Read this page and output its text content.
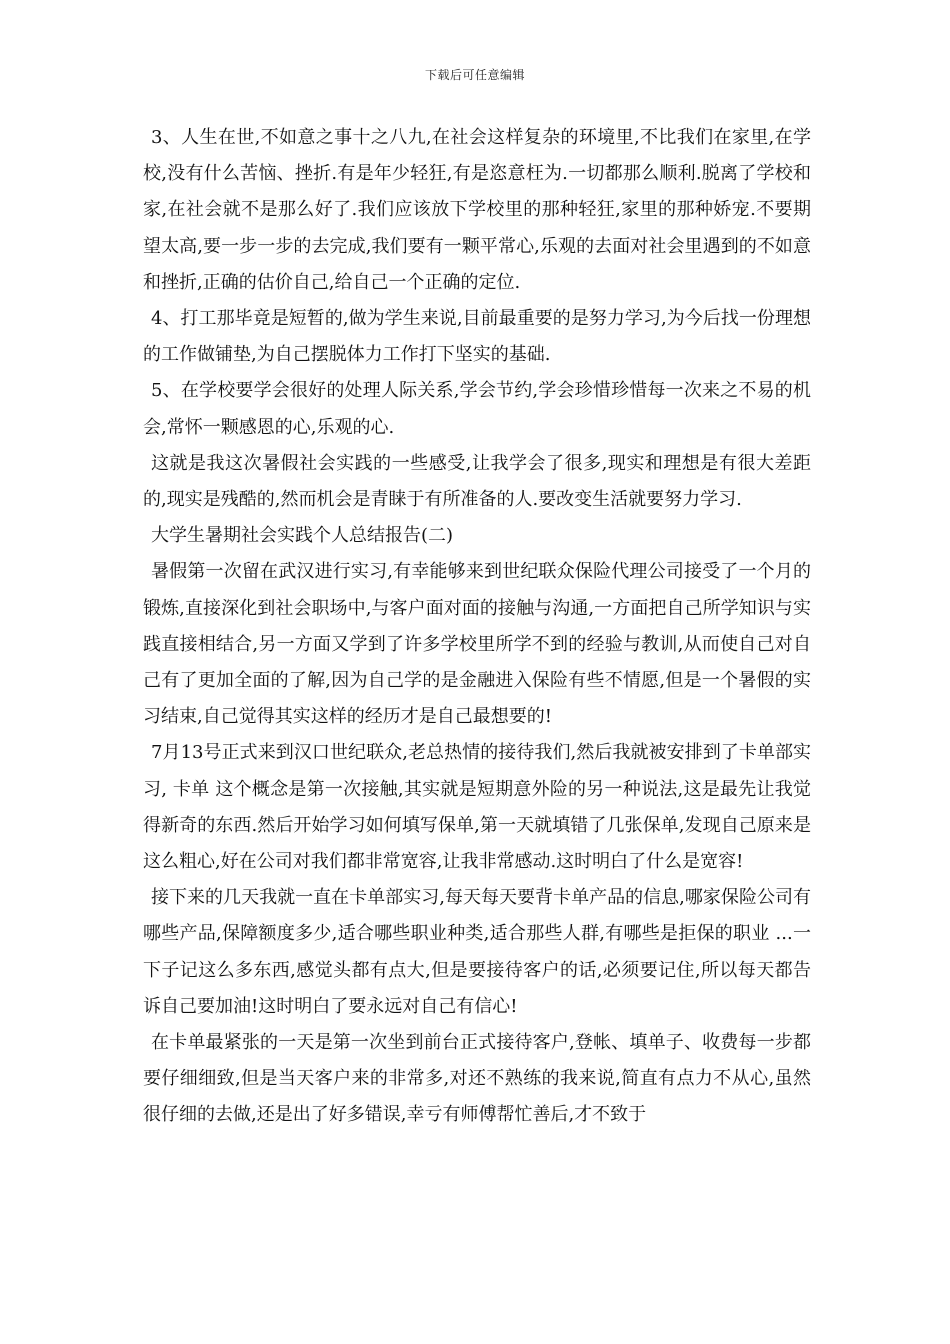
下载后可任意编辑

3、人生在世,不如意之事十之八九,在社会这样复杂的环境里,不比我们在家里,在学校,没有什么苦恼、挫折.有是年少轻狂,有是恣意枉为.一切都那么顺利.脱离了学校和家,在社会就不是那么好了.我们应该放下学校里的那种轻狂,家里的那种娇宠.不要期望太高,要一步一步的去完成,我们要有一颗平常心,乐观的去面对社会里遇到的不如意和挫折,正确的估价自己,给自己一个正确的定位.

4、打工那毕竟是短暂的,做为学生来说,目前最重要的是努力学习,为今后找一份理想的工作做铺垫,为自己摆脱体力工作打下坚实的基础.

5、在学校要学会很好的处理人际关系,学会节约,学会珍惜珍惜每一次来之不易的机会,常怀一颗感恩的心,乐观的心.

这就是我这次暑假社会实践的一些感受,让我学会了很多,现实和理想是有很大差距的,现实是残酷的,然而机会是青睐于有所准备的人.要改变生活就要努力学习.

大学生暑期社会实践个人总结报告(二)

暑假第一次留在武汉进行实习,有幸能够来到世纪联众保险代理公司接受了一个月的锻炼,直接深化到社会职场中,与客户面对面的接触与沟通,一方面把自己所学知识与实践直接相结合,另一方面又学到了许多学校里所学不到的经验与教训,从而使自己对自己有了更加全面的了解,因为自己学的是金融进入保险有些不情愿,但是一个暑假的实习结束,自己觉得其实这样的经历才是自己最想要的!

7月13号正式来到汉口世纪联众,老总热情的接待我们,然后我就被安排到了卡单部实习, 卡单 这个概念是第一次接触,其实就是短期意外险的另一种说法,这是最先让我觉得新奇的东西.然后开始学习如何填写保单,第一天就填错了几张保单,发现自己原来是这么粗心,好在公司对我们都非常宽容,让我非常感动.这时明白了什么是宽容!

接下来的几天我就一直在卡单部实习,每天每天要背卡单产品的信息,哪家保险公司有哪些产品,保障额度多少,适合哪些职业种类,适合那些人群,有哪些是拒保的职业 ...一下子记这么多东西,感觉头都有点大,但是要接待客户的话,必须要记住,所以每天都告诉自己要加油!这时明白了要永远对自己有信心!

在卡单最紧张的一天是第一次坐到前台正式接待客户,登帐、填单子、收费每一步都要仔细细致,但是当天客户来的非常多,对还不熟练的我来说,简直有点力不从心,虽然很仔细的去做,还是出了好多错误,幸亏有师傅帮忙善后,才不致于
